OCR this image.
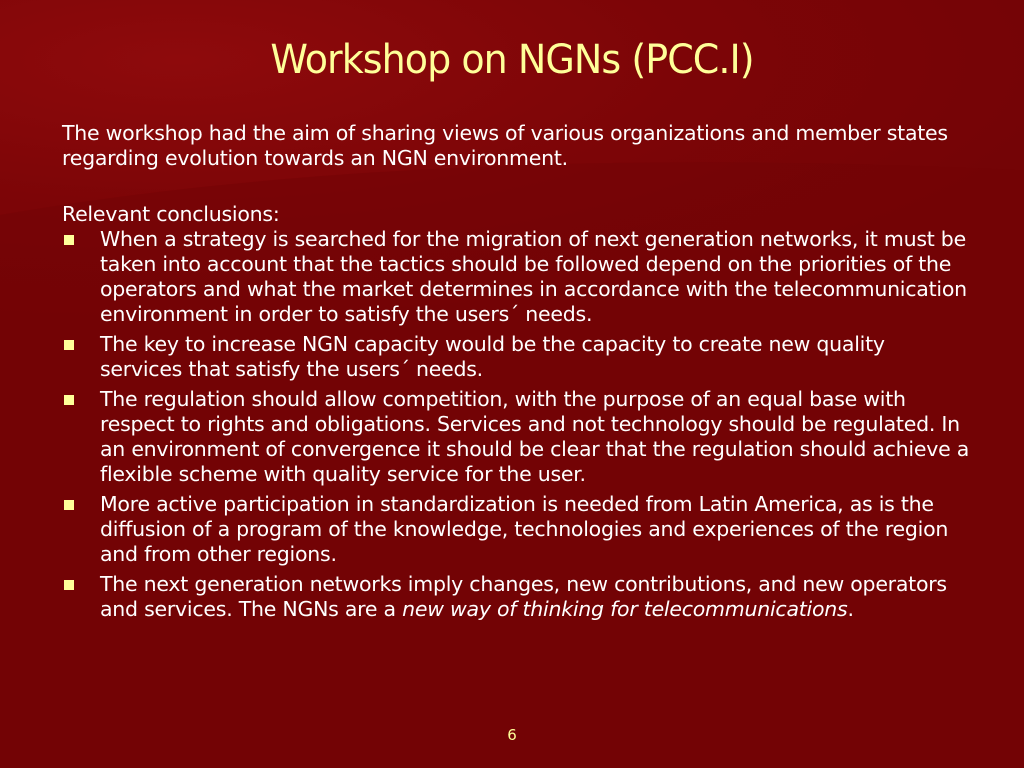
Workshop on NGNs (PCC.I)

The workshop had the aim of sharing views of various organizations and member states regarding evolution towards an NGN environment.

Relevant conclusions:

When a strategy is searched for the migration of next generation networks, it must be taken into account that the tactics should be followed depend on the priorities of the operators and what the market determines in accordance with the telecommunication environment in order to satisfy the users´ needs.
The key to increase NGN capacity would be the capacity to create new quality services that satisfy the users´ needs.
The regulation should allow competition, with the purpose of an equal base with respect to rights and obligations. Services and not technology should be regulated. In an environment of convergence it should be clear that the regulation should achieve a flexible scheme with quality service for the user.
More active participation in standardization is needed from Latin America, as is the diffusion of a program of the knowledge, technologies and experiences of the region and from other regions.
The next generation networks imply changes, new contributions, and new operators and services. The NGNs are a new way of thinking for telecommunications.
6
